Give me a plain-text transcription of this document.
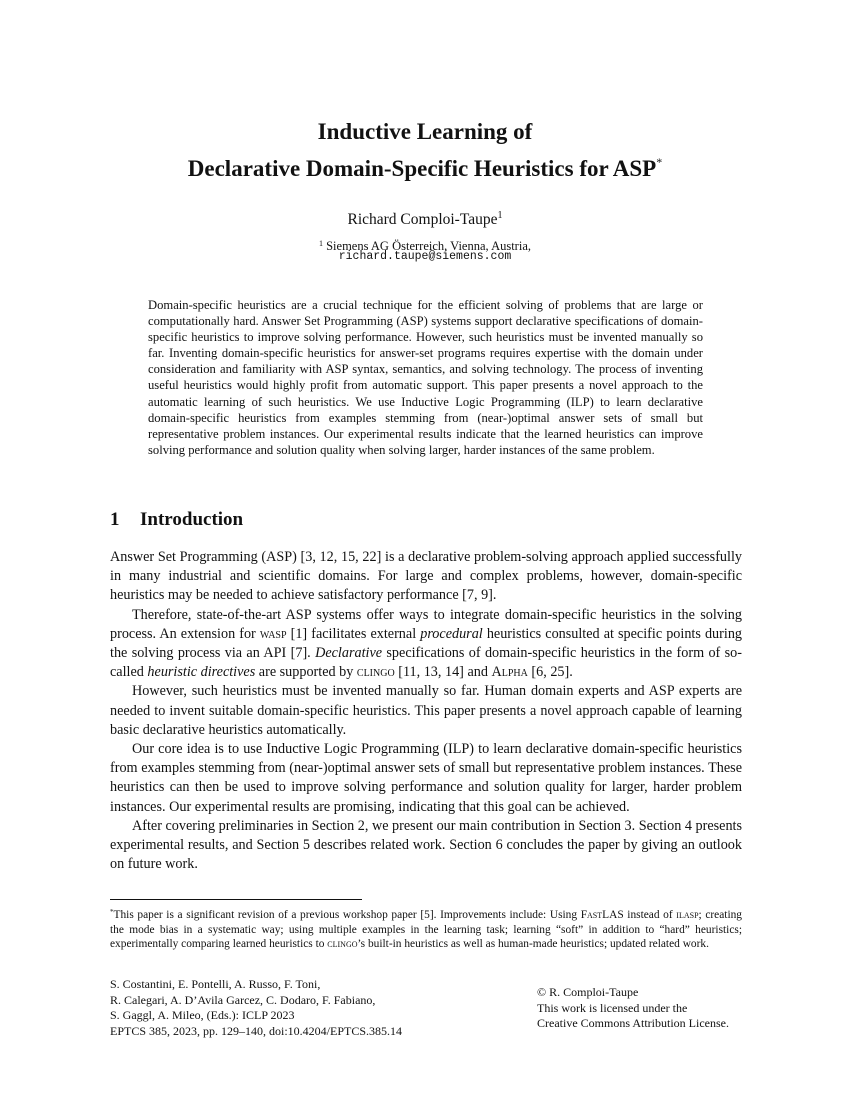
Inductive Learning of
Declarative Domain-Specific Heuristics for ASP*
Richard Comploi-Taupe$^1$
$^1$ Siemens AG Österreich, Vienna, Austria,
richard.taupe@siemens.com
Domain-specific heuristics are a crucial technique for the efficient solving of problems that are large or computationally hard. Answer Set Programming (ASP) systems support declarative specifications of domain-specific heuristics to improve solving performance. However, such heuristics must be invented manually so far. Inventing domain-specific heuristics for answer-set programs requires expertise with the domain under consideration and familiarity with ASP syntax, semantics, and solving technology. The process of inventing useful heuristics would highly profit from automatic support. This paper presents a novel approach to the automatic learning of such heuristics. We use Inductive Logic Programming (ILP) to learn declarative domain-specific heuristics from examples stemming from (near-)optimal answer sets of small but representative problem instances. Our experimental results indicate that the learned heuristics can improve solving performance and solution quality when solving larger, harder instances of the same problem.
1 Introduction

Answer Set Programming (ASP) [3, 12, 15, 22] is a declarative problem-solving approach applied successfully in many industrial and scientific domains. For large and complex problems, however, domain-specific heuristics may be needed to achieve satisfactory performance [7, 9].

Therefore, state-of-the-art ASP systems offer ways to integrate domain-specific heuristics in the solving process. An extension for wasp [1] facilitates external procedural heuristics consulted at specific points during the solving process via an API [7]. Declarative specifications of domain-specific heuristics in the form of so-called heuristic directives are supported by clingo [11, 13, 14] and Alpha [6, 25].

However, such heuristics must be invented manually so far. Human domain experts and ASP experts are needed to invent suitable domain-specific heuristics. This paper presents a novel approach capable of learning basic declarative heuristics automatically.

Our core idea is to use Inductive Logic Programming (ILP) to learn declarative domain-specific heuristics from examples stemming from (near-)optimal answer sets of small but representative problem instances. These heuristics can then be used to improve solving performance and solution quality for larger, harder problem instances. Our experimental results are promising, indicating that this goal can be achieved.

After covering preliminaries in Section 2, we present our main contribution in Section 3. Section 4 presents experimental results, and Section 5 describes related work. Section 6 concludes the paper by giving an outlook on future work.

*This paper is a significant revision of a previous workshop paper [5]. Improvements include: Using FastLAS instead of ilasp; creating the mode bias in a systematic way; using multiple examples in the learning task; learning “soft” in addition to “hard” heuristics; experimentally comparing learned heuristics to clingo’s built-in heuristics as well as human-made heuristics; updated related work.
S. Costantini, E. Pontelli, A. Russo, F. Toni,
R. Calegari, A. D’Avila Garcez, C. Dodaro, F. Fabiano,
S. Gaggl, A. Mileo, (Eds.): ICLP 2023
EPTCS 385, 2023, pp. 129–140, doi:10.4204/EPTCS.385.14
© R. Comploi-Taupe
This work is licensed under the
Creative Commons Attribution License.
